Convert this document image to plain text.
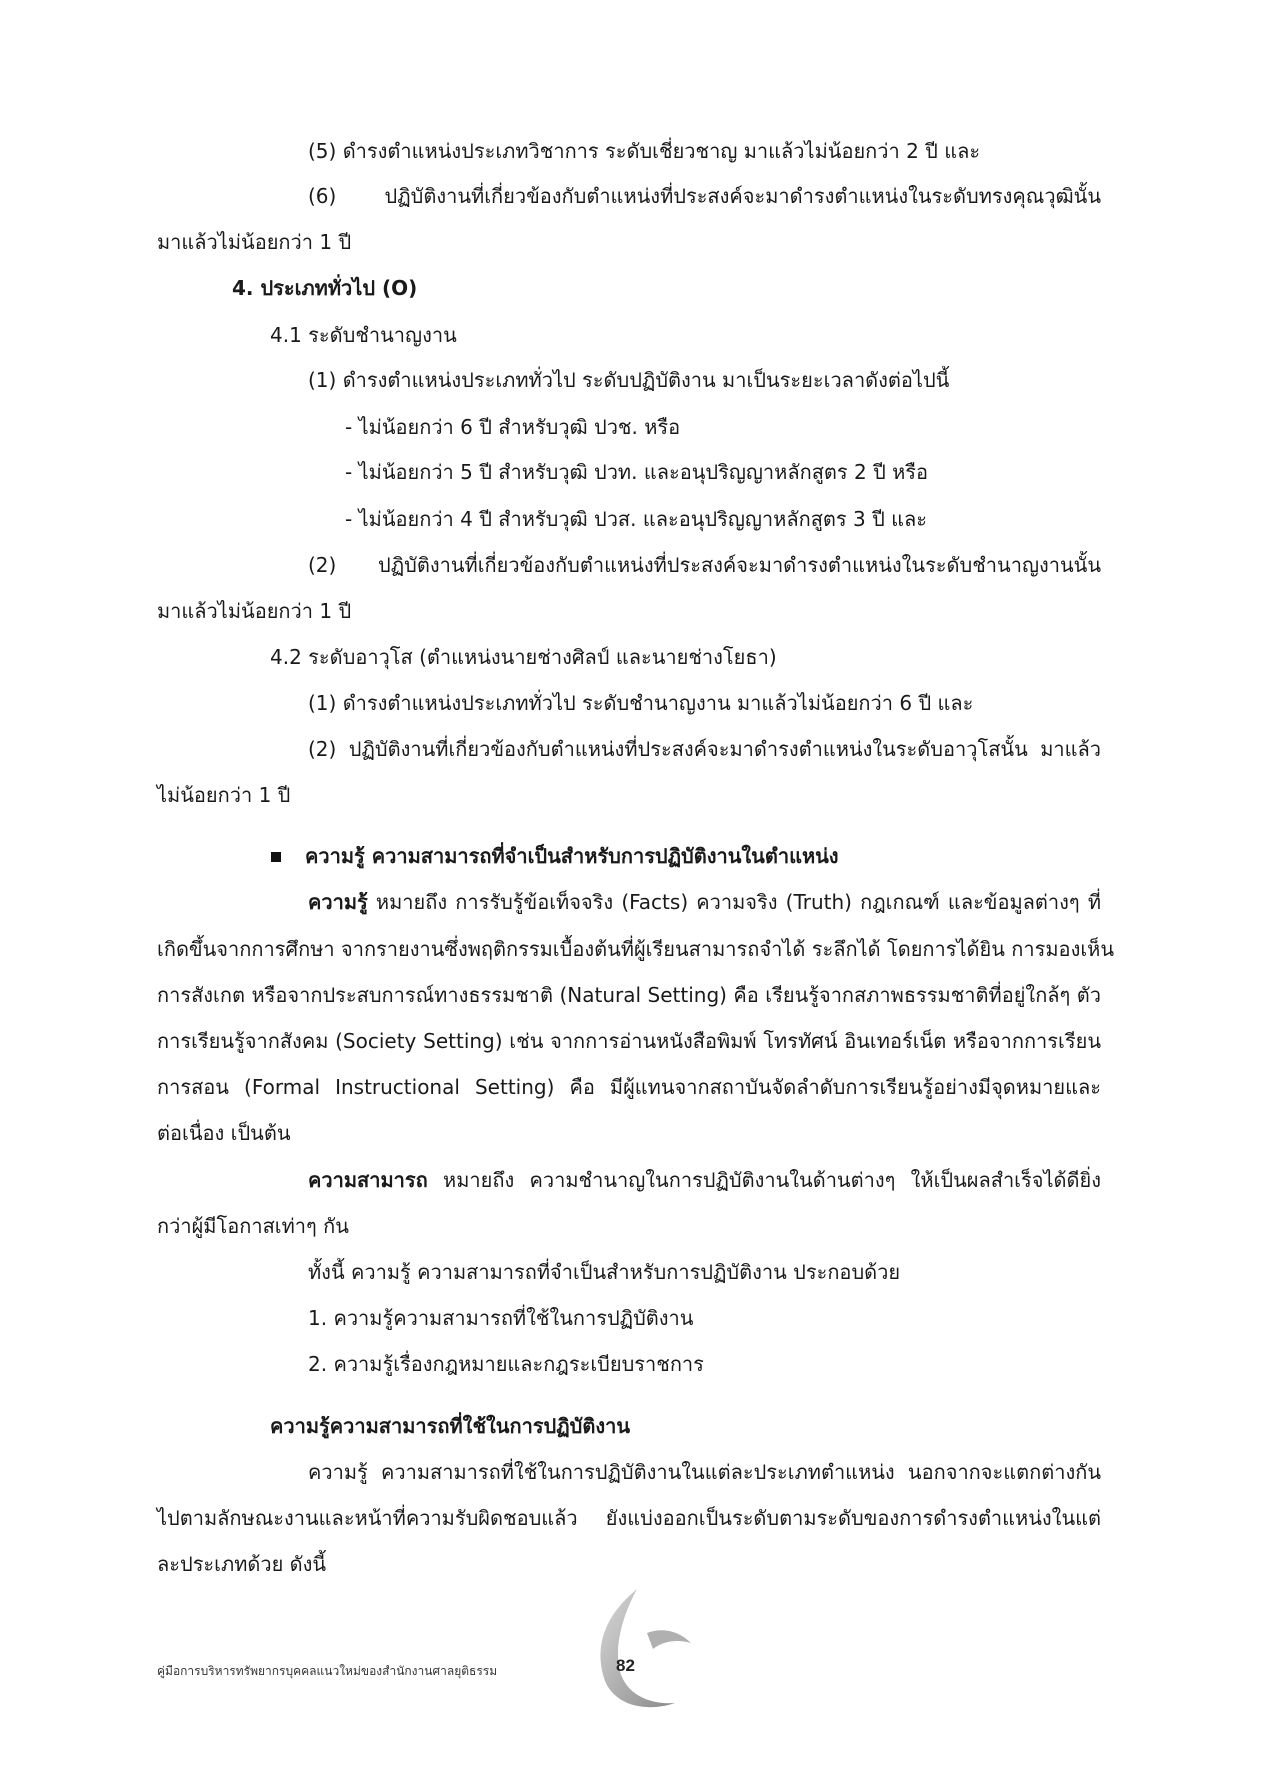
(5) ดำรงตำแหน่งประเภทวิชาการ ระดับเชี่ยวชาญ มาแล้วไม่น้อยกว่า 2 ปี และ
(6) ปฏิบัติงานที่เกี่ยวข้องกับตำแหน่งที่ประสงค์จะมาดำรงตำแหน่งในระดับทรงคุณวุฒินั้น
มาแล้วไม่น้อยกว่า 1 ปี
4. ประเภททั่วไป (O)
4.1 ระดับชำนาญงาน
(1) ดำรงตำแหน่งประเภททั่วไป ระดับปฏิบัติงาน มาเป็นระยะเวลาดังต่อไปนี้
- ไม่น้อยกว่า 6 ปี สำหรับวุฒิ ปวช. หรือ
- ไม่น้อยกว่า 5 ปี สำหรับวุฒิ ปวท. และอนุปริญญาหลักสูตร 2 ปี หรือ
- ไม่น้อยกว่า 4 ปี สำหรับวุฒิ ปวส. และอนุปริญญาหลักสูตร 3 ปี และ
(2) ปฏิบัติงานที่เกี่ยวข้องกับตำแหน่งที่ประสงค์จะมาดำรงตำแหน่งในระดับชำนาญงานนั้น
มาแล้วไม่น้อยกว่า 1 ปี
4.2 ระดับอาวุโส (ตำแหน่งนายช่างศิลป์ และนายช่างโยธา)
(1) ดำรงตำแหน่งประเภททั่วไป ระดับชำนาญงาน มาแล้วไม่น้อยกว่า 6 ปี และ
(2) ปฏิบัติงานที่เกี่ยวข้องกับตำแหน่งที่ประสงค์จะมาดำรงตำแหน่งในระดับอาวุโสนั้น มาแล้ว
ไม่น้อยกว่า 1 ปี
ความรู้ ความสามารถที่จำเป็นสำหรับการปฏิบัติงานในตำแหน่ง
ความรู้ หมายถึง การรับรู้ข้อเท็จจริง (Facts) ความจริง (Truth) กฎเกณฑ์ และข้อมูลต่างๆ ที่
เกิดขึ้นจากการศึกษา จากรายงานซึ่งพฤติกรรมเบื้องต้นที่ผู้เรียนสามารถจำได้ ระลึกได้ โดยการได้ยิน การมองเห็น
การสังเกต หรือจากประสบการณ์ทางธรรมชาติ (Natural Setting) คือ เรียนรู้จากสภาพธรรมชาติที่อยู่ใกล้ๆ ตัว
การเรียนรู้จากสังคม (Society Setting) เช่น จากการอ่านหนังสือพิมพ์ โทรทัศน์ อินเทอร์เน็ต หรือจากการเรียน
การสอน (Formal Instructional Setting) คือ มีผู้แทนจากสถาบันจัดลำดับการเรียนรู้อย่างมีจุดหมายและ
ต่อเนื่อง เป็นต้น
ความสามารถ หมายถึง ความชำนาญในการปฏิบัติงานในด้านต่างๆ ให้เป็นผลสำเร็จได้ดียิ่ง
กว่าผู้มีโอกาสเท่าๆ กัน
ทั้งนี้ ความรู้ ความสามารถที่จำเป็นสำหรับการปฏิบัติงาน ประกอบด้วย
1. ความรู้ความสามารถที่ใช้ในการปฏิบัติงาน
2. ความรู้เรื่องกฎหมายและกฎระเบียบราชการ
ความรู้ความสามารถที่ใช้ในการปฏิบัติงาน
ความรู้ ความสามารถที่ใช้ในการปฏิบัติงานในแต่ละประเภทตำแหน่ง นอกจากจะแตกต่างกัน
ไปตามลักษณะงานและหน้าที่ความรับผิดชอบแล้ว ยังแบ่งออกเป็นระดับตามระดับของการดำรงตำแหน่งในแต่
ละประเภทด้วย ดังนี้
คู่มือการบริหารทรัพยากรบุคคลแนวใหม่ของสำนักงานศาลยุติธรรม	82
